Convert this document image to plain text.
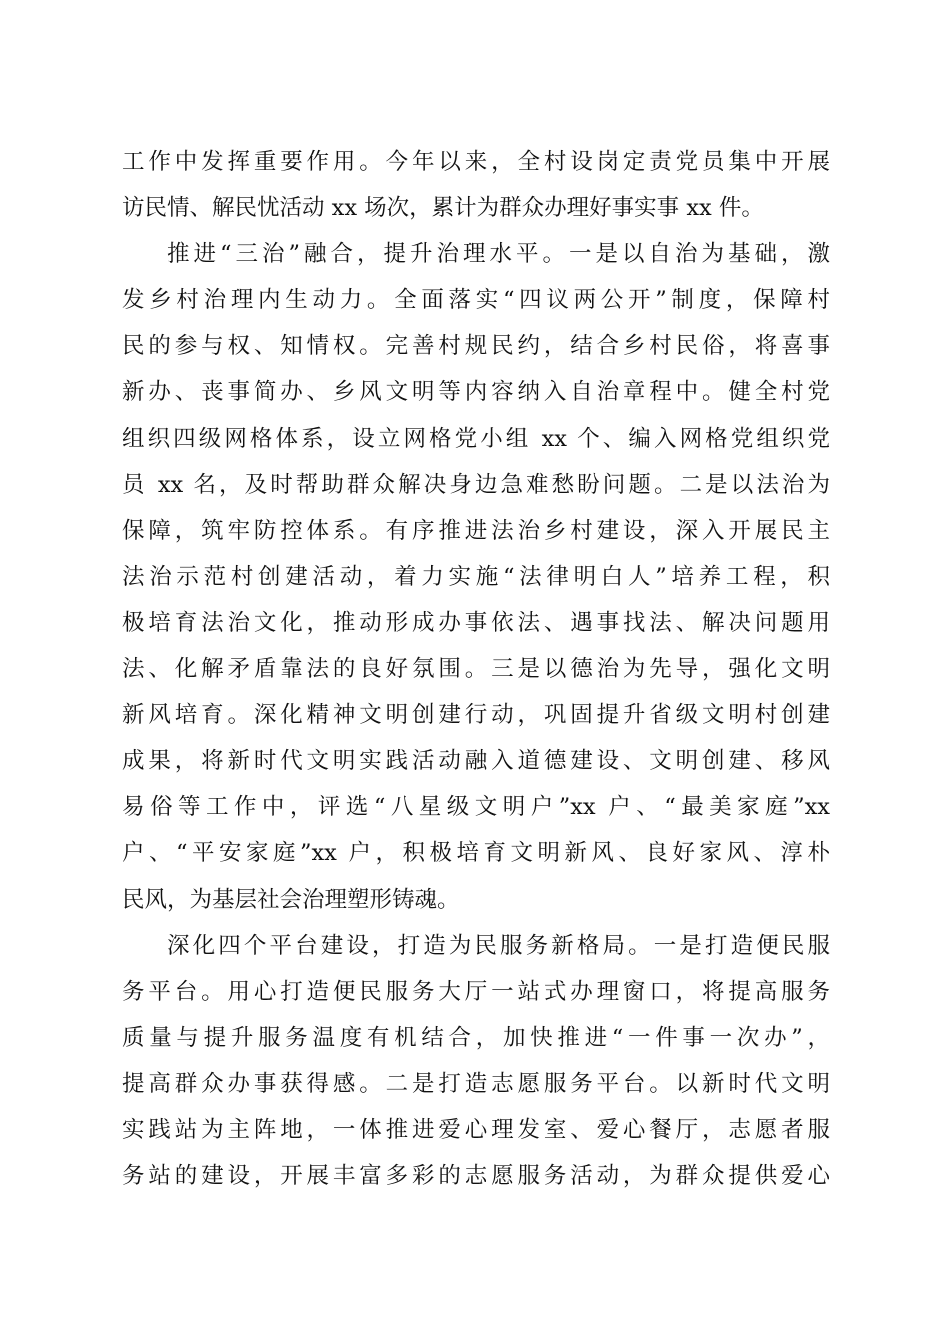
工作中发挥重要作用。今年以来，全村设岗定责党员集中开展
访民情、解民忧活动 xx 场次，累计为群众办理好事实事 xx 件。
推进“三治”融合，提升治理水平。一是以自治为基础，激
发乡村治理内生动力。全面落实“四议两公开”制度，保障村
民的参与权、知情权。完善村规民约，结合乡村民俗，将喜事
新办、丧事简办、乡风文明等内容纳入自治章程中。健全村党
组织四级网格体系，设立网格党小组 xx 个、编入网格党组织党
员 xx 名，及时帮助群众解决身边急难愁盼问题。二是以法治为
保障，筑牢防控体系。有序推进法治乡村建设，深入开展民主
法治示范村创建活动，着力实施“法律明白人”培养工程，积
极培育法治文化，推动形成办事依法、遇事找法、解决问题用
法、化解矛盾靠法的良好氛围。三是以德治为先导，强化文明
新风培育。深化精神文明创建行动，巩固提升省级文明村创建
成果，将新时代文明实践活动融入道德建设、文明创建、移风
易俗等工作中，评选“八星级文明户”xx 户、“最美家庭”xx
户、“平安家庭”xx 户，积极培育文明新风、良好家风、淳朴
民风，为基层社会治理塑形铸魂。
深化四个平台建设，打造为民服务新格局。一是打造便民服
务平台。用心打造便民服务大厅一站式办理窗口，将提高服务
质量与提升服务温度有机结合，加快推进“一件事一次办”，
提高群众办事获得感。二是打造志愿服务平台。以新时代文明
实践站为主阵地，一体推进爱心理发室、爱心餐厅，志愿者服
务站的建设，开展丰富多彩的志愿服务活动，为群众提供爱心
